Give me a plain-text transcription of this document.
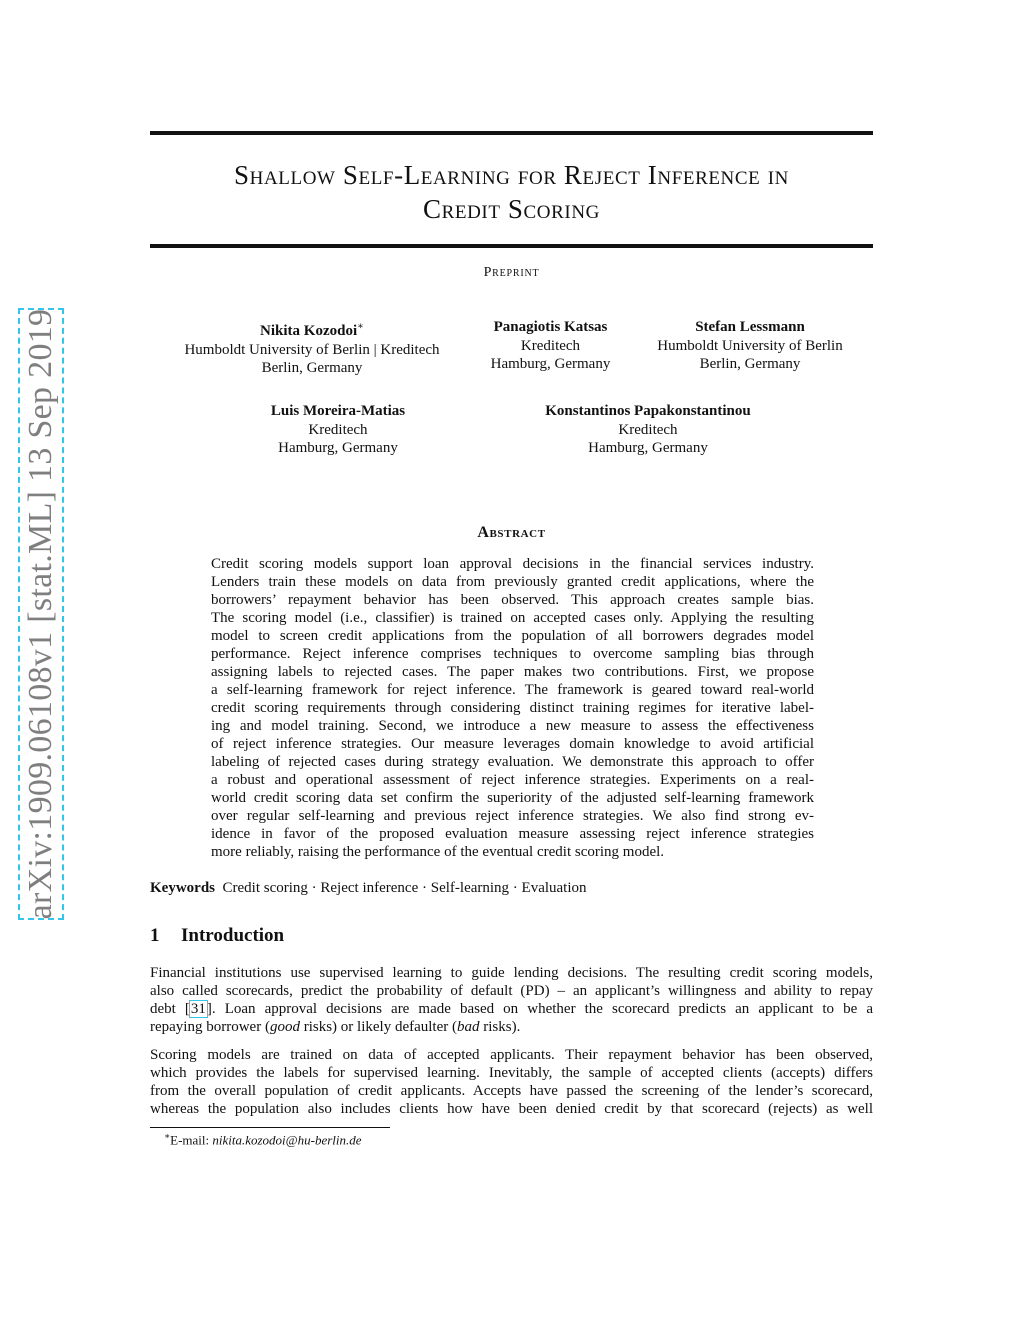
arXiv:1909.06108v1 [stat.ML] 13 Sep 2019
Shallow Self-Learning for Reject Inference in
Credit Scoring
Preprint
Nikita Kozodoi∗
Humboldt University of Berlin | Kreditech
Berlin, Germany
Panagiotis Katsas
Kreditech
Hamburg, Germany
Stefan Lessmann
Humboldt University of Berlin
Berlin, Germany
Luis Moreira-Matias
Kreditech
Hamburg, Germany
Konstantinos Papakonstantinou
Kreditech
Hamburg, Germany
Abstract
Credit scoring models support loan approval decisions in the financial services industry.
Lenders train these models on data from previously granted credit applications, where the
borrowers’ repayment behavior has been observed. This approach creates sample bias.
The scoring model (i.e., classifier) is trained on accepted cases only. Applying the resulting
model to screen credit applications from the population of all borrowers degrades model
performance. Reject inference comprises techniques to overcome sampling bias through
assigning labels to rejected cases. The paper makes two contributions. First, we propose
a self-learning framework for reject inference. The framework is geared toward real-world
credit scoring requirements through considering distinct training regimes for iterative label-
ing and model training. Second, we introduce a new measure to assess the effectiveness
of reject inference strategies. Our measure leverages domain knowledge to avoid artificial
labeling of rejected cases during strategy evaluation. We demonstrate this approach to offer
a robust and operational assessment of reject inference strategies. Experiments on a real-
world credit scoring data set confirm the superiority of the adjusted self-learning framework
over regular self-learning and previous reject inference strategies. We also find strong ev-
idence in favor of the proposed evaluation measure assessing reject inference strategies
more reliably, raising the performance of the eventual credit scoring model.
Keywords Credit scoring · Reject inference · Self-learning · Evaluation
1 Introduction
Financial institutions use supervised learning to guide lending decisions. The resulting credit scoring models,
also called scorecards, predict the probability of default (PD) – an applicant’s willingness and ability to repay
debt [31]. Loan approval decisions are made based on whether the scorecard predicts an applicant to be a
repaying borrower (good risks) or likely defaulter (bad risks).
Scoring models are trained on data of accepted applicants. Their repayment behavior has been observed,
which provides the labels for supervised learning. Inevitably, the sample of accepted clients (accepts) differs
from the overall population of credit applicants. Accepts have passed the screening of the lender’s scorecard,
whereas the population also includes clients how have been denied credit by that scorecard (rejects) as well
∗E-mail: nikita.kozodoi@hu-berlin.de
